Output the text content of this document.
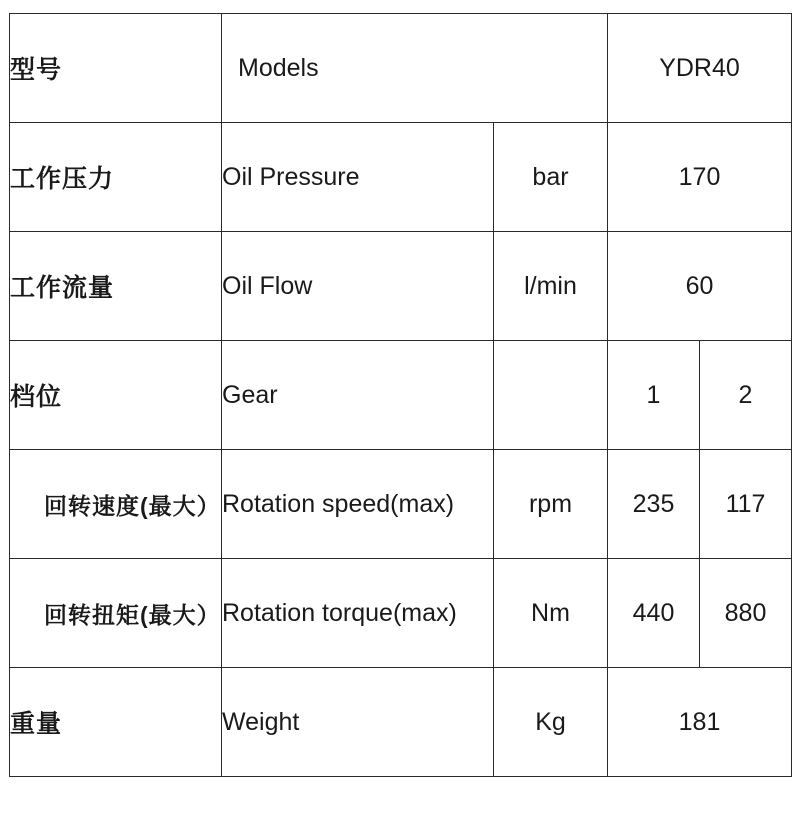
型号	Models		YDR40	
工作压力	Oil Pressure	bar	170	
工作流量	Oil Flow	l/min	60	
档位	Gear		1	2
回转速度(最大）	Rotation speed(max)	rpm	235	117
回转扭矩(最大）	Rotation torque(max)	Nm	440	880
重量	Weight	Kg	181	
